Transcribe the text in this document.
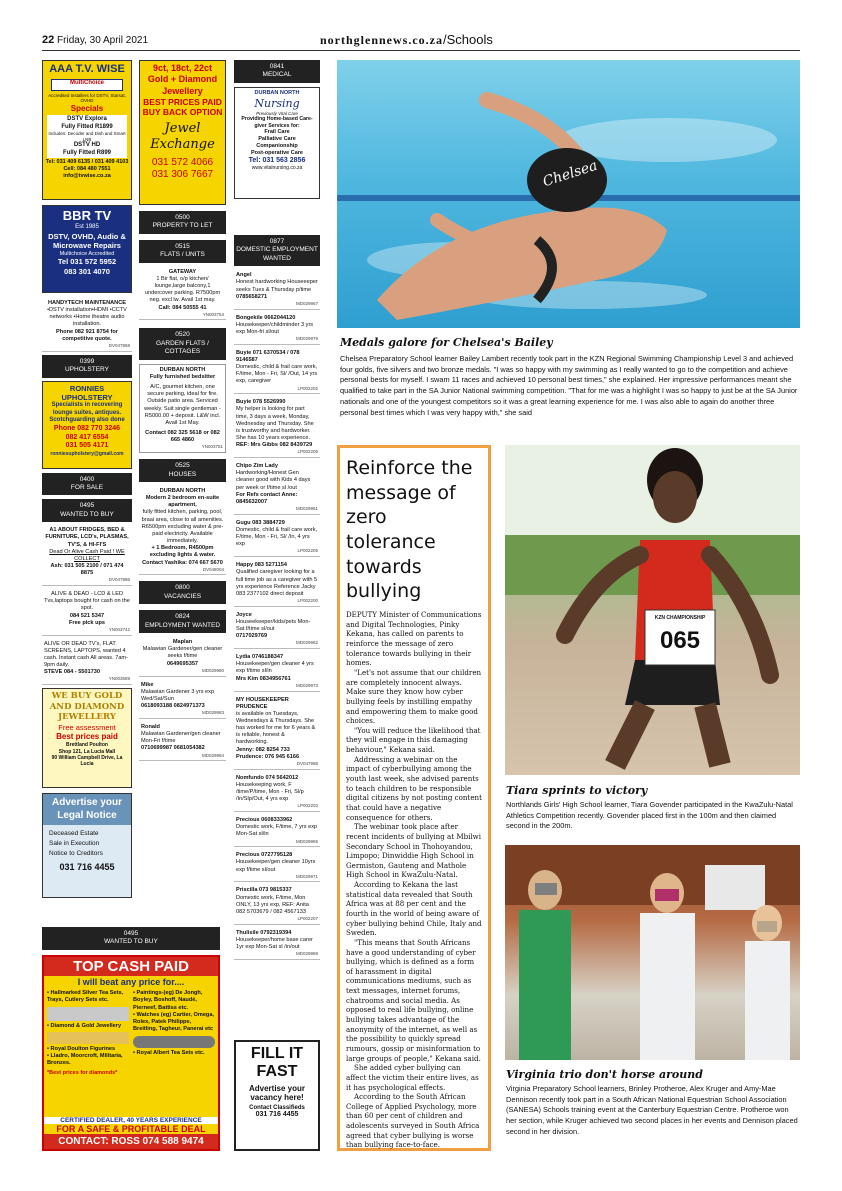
22 Friday, 30 April 2021	northglennews.co.za/Schools
AAA T.V. WISE
MultiChoice
Accredited Installers for DSTV, Starsat, OVHD
Specials
DSTV Explora
Fully Fitted R1899
Includes: Decoder and Dish and Smart LNB
DSTV HD
Fully Fitted R899
Tel: 031 409 6135 / 031 409 4103
Cell: 084 480 7551
info@tvwise.co.za
BBR TV
Est 1985
DSTV, OVHD, Audio &
Microwave Repairs
Multichoice Accredited
Tel 031 572 5952
083 301 4070
HANDYTECH MAINTENANCE
•DSTV installation•HDMI •CCTV networks •Home theatre audio installation.
Phone 082 921 8754 for competitive quote.
DV047958
0399
UPHOLSTERY
RONNIES UPHOLSTERY
Specialists in recovering lounge suites, antiques. Scotchguarding also done
Phone 082 770 3246
082 417 6554
031 505 4171
ronniesupholstery@gmail.com
0400
FOR SALE
0495
WANTED TO BUY
A1 ABOUT FRIDGES, BED & FURNITURE, LCD's, PLASMAS, TV'S, & HI-FI'S
Dead Or Alive Cash Paid ! WE COLLECT
Ash: 031 505 2100 / 071 474 8875
DV047986
ALIVE & DEAD - LCD & LED Tvs,laptops bought for cash on the spot.
084 521 5347
Free pick ups
YN003742
ALIVE OR DEAD TV's, FLAT SCREENS, LAPTOPS, wanted 4 cash. Instant cash All areas. 7am-9pm daily.
STEVE 084 - 5501730
YN003689
WE BUY GOLD AND DIAMOND JEWELLERY
Free assessment
Best prices paid
Brettland Poulton
Shop 121, La Lucia Mall
90 William Campbell Drive, La Lucia
Advertise your Legal Notice
Deceased Estate
Sale in Execution
Notice to Creditors
031 716 4455
9ct, 18ct, 22ct
Gold + Diamond
Jewellery
BEST PRICES PAID
BUY BACK OPTION
Jewel Exchange
031 572 4066
031 306 7667
0500
PROPERTY TO LET
0515
FLATS / UNITS
GATEWAY
1 Bir flat, o/p kitchen/ lounge,large balcony,1 undercover parking. R7500pm neg. excl lw. Avail 1st may.
Call: 084 50555 41
YN003754
0520
GARDEN FLATS / COTTAGES
DURBAN NORTH
Fully furnished bedsitter
A/C, gourmet kitchen, one secure parking, ideal for fire. Outside patio area. Serviced weekly. Suit single gentleman - R5000.00 + deposit. L&W incl. Avail 1st May.
Contact 082 325 5618 or 082 665 4860
YN003751
0525
HOUSES
DURBAN NORTH
Modern 2 bedroom en-suite apartment,
fully fitted kitchen, parking, pool, braai area, close to all amenities. R6500pm excluding water & pre-paid electricity. Available immediately.
+ 1 Bedroom, R4500pm excluding lights & water.
Contact Yashika: 074 667 5670
DV048004
0800
VACANCIES
0824
EMPLOYMENT WANTED
Maplan
Malawian Gardener/gen cleaner seeks f/time
0649695357
MD029980
Mike
Malawian Gardener 3 yrs exp Wed/Sat/Sun
0618093188 0824971373
MD029983
Ronald
Malawian Gardener/gen cleaner Mon-Fri f/time
0710699987 0681054382
MD029984
0495
WANTED TO BUY
TOP CASH PAID
I will beat any price for....
• Hallmarked Silver Tea Sets, Trays, Cutlery Sets etc.
• Diamond & Gold Jewellery
• Royal Doulton Figurines
• Lladro, Moorcroft, Militaria, Bronzes.
• Paintings-(eg) De Jongh, Boyley, Boshoff, Naudé, Pierneef, Battiss etc.
• Watches (eg) Cartier, Omega, Rolex, Patek Philippe, Breitling, Tagheur, Panerai etc
• Royal Albert Tea Sets etc.
*Best prices for diamonds*
CERTIFIED DEALER, 40 YEARS EXPERIENCE
FOR A SAFE & PROFITABLE DEAL
CONTACT: ROSS 074 588 9474
0841
MEDICAL
DURBAN NORTH
Nursing
Previously Vital Care
Providing Home-based Care-giver Services for:
Frail Care
Palliative Care
Companionship
Post-operative Care
Tel: 031 563 2856
www.vitalnursing.co.za
0877
DOMESTIC EMPLOYMENT WANTED
Angel
Honest hardworking Houseeeper seeks Tues & Thursday p/time
0785658271
MD029957
Bongekile 0662044120
Housekeeper/childminder 3 yrs exp Mon-fri sl/out
MD029979
Buyie 071 6370534 / 078 9146587
Domestic, child & frail care work, F/time, Mon - Fri, Sl/ /Out, 14 yrs exp, caregiver
LP002202
Buyie 078 5526990
My helper is looking for part time, 3 days a week, Monday, Wednesday and Thursday. She is trustworthy and hardworker. She has 10 years experience.
REF: Mrs Gibbs 082 8439729
LP002206
Chipo Zim Lady
Hardworking/Honest Gen cleaner good with Kids 4 days per week or f/time sl /out
For Refs contact Anne: 0845632007
MD029961
Gugu 083 3884729
Domestic, child & frail care work, F/time, Mon - Fri, Sl/ /In, 4 yrs exp
LP002205
Happy 083 5271154
Qualified caregiver looking for a full time job as a caregiver with 5 yrs experience Reference Jacky 083 2377102 direct deposit
LP002200
Joyce
Houseekeeper/kids/pets Mon-Sat f/time sl/out
0717029769
MD029962
Lydia 0746188347
Housekeeper/gen cleaner 4 yrs exp f/time sl/in
Mrs Kim 0834956761
MD029973
MY HOUSEKEEPER PRUDENCE
is available on Tuesdays, Wednesdays & Thursdays. She has worked for me for 6 years & is reliable, honest & hardworking.
Jenny: 082 8254 733 Prudence: 076 945 6166
DV047988
Nomfundo 074 5642012
Housekeeping work, F /time/P/time, Mon - Fri, Sl/p /In/Slp/Out, 4 yrs exp
LP002203
Precious 0608333962
Domestic work, F/time, 7 yrs exp Mon-Sat sl/in
MD029965
Precious 0727795128
Housekeeper/gen cleaner 10yrs exp f/time sl/out
MD029971
Priscilla 073 9815337
Domestic work, F/time, Mon ONLY, 13 yrs exp, REF: Anita 082 5703679 / 082 4567133
LP002207
Thulisile 0792319394
Housekeeper/home base carer 1yr exp Mon-Sat sl /in/out
MD029969
FILL IT
FAST
Advertise your vacancy here!
Contact Classifieds
031 716 4455
Chelsea
Medals galore for Chelsea's Bailey
Chelsea Preparatory School learner Bailey Lambert recently took part in the KZN Regional Swimming Championship Level 3 and achieved four golds, five silvers and two bronze medals. "I was so happy with my swimming as I really wanted to go to the competition and achieve personal bests for myself. I swam 11 races and achieved 10 personal best times," she explained. Her impressive performances meant she qualified to take part in the SA Junior National swimming competition. "That for me was a highlight I was so happy to just be at the SA Junior nationals and one of the youngest competitors so it was a great learning experience for me. I was also able to again do another three personal best times which I was very happy with," she said
Reinforce the message of zero tolerance towards bullying

DEPUTY Minister of Communications and Digital Technologies, Pinky Kekana, has called on parents to reinforce the message of zero tolerance towards bullying in their homes.

"Let's not assume that our children are completely innocent always. Make sure they know how cyber bullying feels by instilling empathy and empowering them to make good choices.

"You will reduce the likelihood that they will engage in this damaging behaviour," Kekana said.

Addressing a webinar on the impact of cyberbullying among the youth last week, she advised parents to teach children to be responsible digital citizens by not posting content that could have a negative consequence for others.

The webinar took place after recent incidents of bullying at Mbilwi Secondary School in Thohoyandou, Limpopo; Dinwiddie High School in Germiston, Gauteng and Mathole High School in KwaZulu-Natal.

According to Kekana the last statistical data revealed that South Africa was at 88 per cent and the fourth in the world of being aware of cyber bullying behind Chile, Italy and Sweden.

"This means that South Africans have a good understanding of cyber bullying, which is defined as a form of harassment in digital communications mediums, such as text messages, internet forums, chatrooms and social media. As opposed to real life bullying, online bullying takes advantage of the anonymity of the internet, as well as the possibility to quickly spread rumours, gossip or misinformation to large groups of people," Kekana said.

She added cyber bullying can affect the victim their entire lives, as it has psychological effects.

According to the South African College of Applied Psychology, more than 60 per cent of children and adolescents surveyed in South Africa agreed that cyber bullying is worse than bullying face-to-face.

KZN CHAMPIONSHIP
065
Tiara sprints to victory
Northlands Girls' High School learner, Tiara Govender participated in the KwaZulu-Natal Athletics Competition recently. Govender placed first in the 100m and then claimed second in the 200m.
Virginia trio don't horse around
Virginia Preparatory School learners, Brinley Protheroe, Alex Kruger and Amy-Mae Dennison recently took part in a South African National Equestrian School Association (SANESA) Schools training event at the Canterbury Equestrian Centre. Protheroe won her section, while Kruger achieved two second places in her events and Dennison placed second in her division.
